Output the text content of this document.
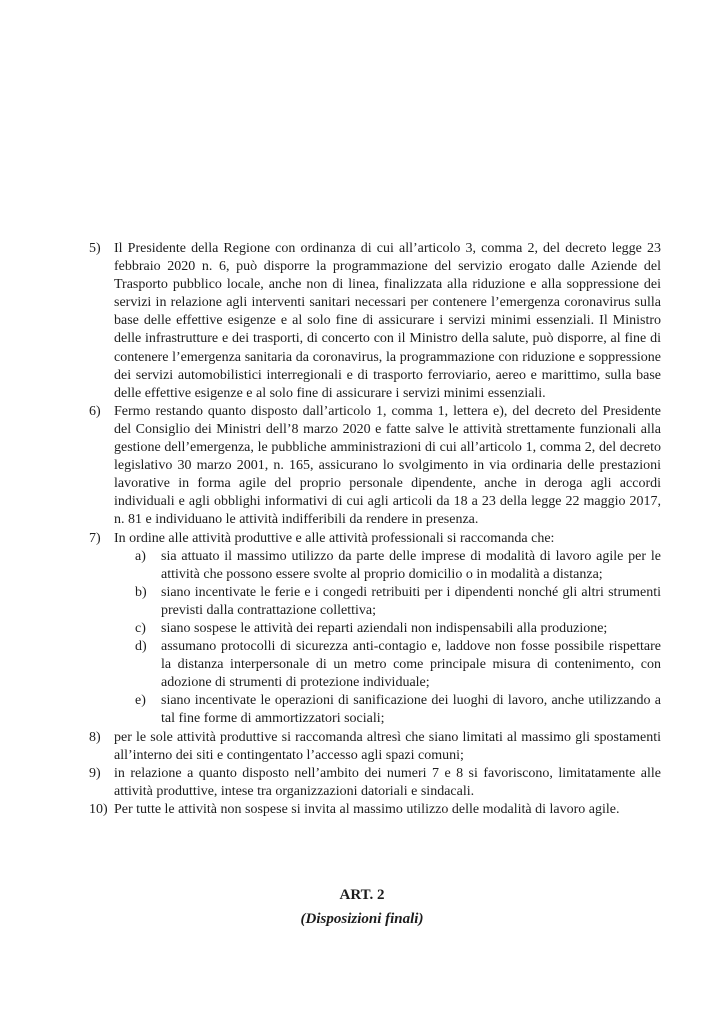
5) Il Presidente della Regione con ordinanza di cui all’articolo 3, comma 2, del decreto legge 23 febbraio 2020 n. 6, può disporre la programmazione del servizio erogato dalle Aziende del Trasporto pubblico locale, anche non di linea, finalizzata alla riduzione e alla soppressione dei servizi in relazione agli interventi sanitari necessari per contenere l’emergenza coronavirus sulla base delle effettive esigenze e al solo fine di assicurare i servizi minimi essenziali. Il Ministro delle infrastrutture e dei trasporti, di concerto con il Ministro della salute, può disporre, al fine di contenere l’emergenza sanitaria da coronavirus, la programmazione con riduzione e soppressione dei servizi automobilistici interregionali e di trasporto ferroviario, aereo e marittimo, sulla base delle effettive esigenze e al solo fine di assicurare i servizi minimi essenziali.
6) Fermo restando quanto disposto dall’articolo 1, comma 1, lettera e), del decreto del Presidente del Consiglio dei Ministri dell’8 marzo 2020 e fatte salve le attività strettamente funzionali alla gestione dell’emergenza, le pubbliche amministrazioni di cui all’articolo 1, comma 2, del decreto legislativo 30 marzo 2001, n. 165, assicurano lo svolgimento in via ordinaria delle prestazioni lavorative in forma agile del proprio personale dipendente, anche in deroga agli accordi individuali e agli obblighi informativi di cui agli articoli da 18 a 23 della legge 22 maggio 2017, n. 81 e individuano le attività indifferibili da rendere in presenza.
7) In ordine alle attività produttive e alle attività professionali si raccomanda che:
a) sia attuato il massimo utilizzo da parte delle imprese di modalità di lavoro agile per le attività che possono essere svolte al proprio domicilio o in modalità a distanza;
b) siano incentivate le ferie e i congedi retribuiti per i dipendenti nonché gli altri strumenti previsti dalla contrattazione collettiva;
c) siano sospese le attività dei reparti aziendali non indispensabili alla produzione;
d) assumano protocolli di sicurezza anti-contagio e, laddove non fosse possibile rispettare la distanza interpersonale di un metro come principale misura di contenimento, con adozione di strumenti di protezione individuale;
e) siano incentivate le operazioni di sanificazione dei luoghi di lavoro, anche utilizzando a tal fine forme di ammortizzatori sociali;
8) per le sole attività produttive si raccomanda altresì che siano limitati al massimo gli spostamenti all’interno dei siti e contingentato l’accesso agli spazi comuni;
9) in relazione a quanto disposto nell’ambito dei numeri 7 e 8 si favoriscono, limitatamente alle attività produttive, intese tra organizzazioni datoriali e sindacali.
10) Per tutte le attività non sospese si invita al massimo utilizzo delle modalità di lavoro agile.
ART. 2
(Disposizioni finali)
